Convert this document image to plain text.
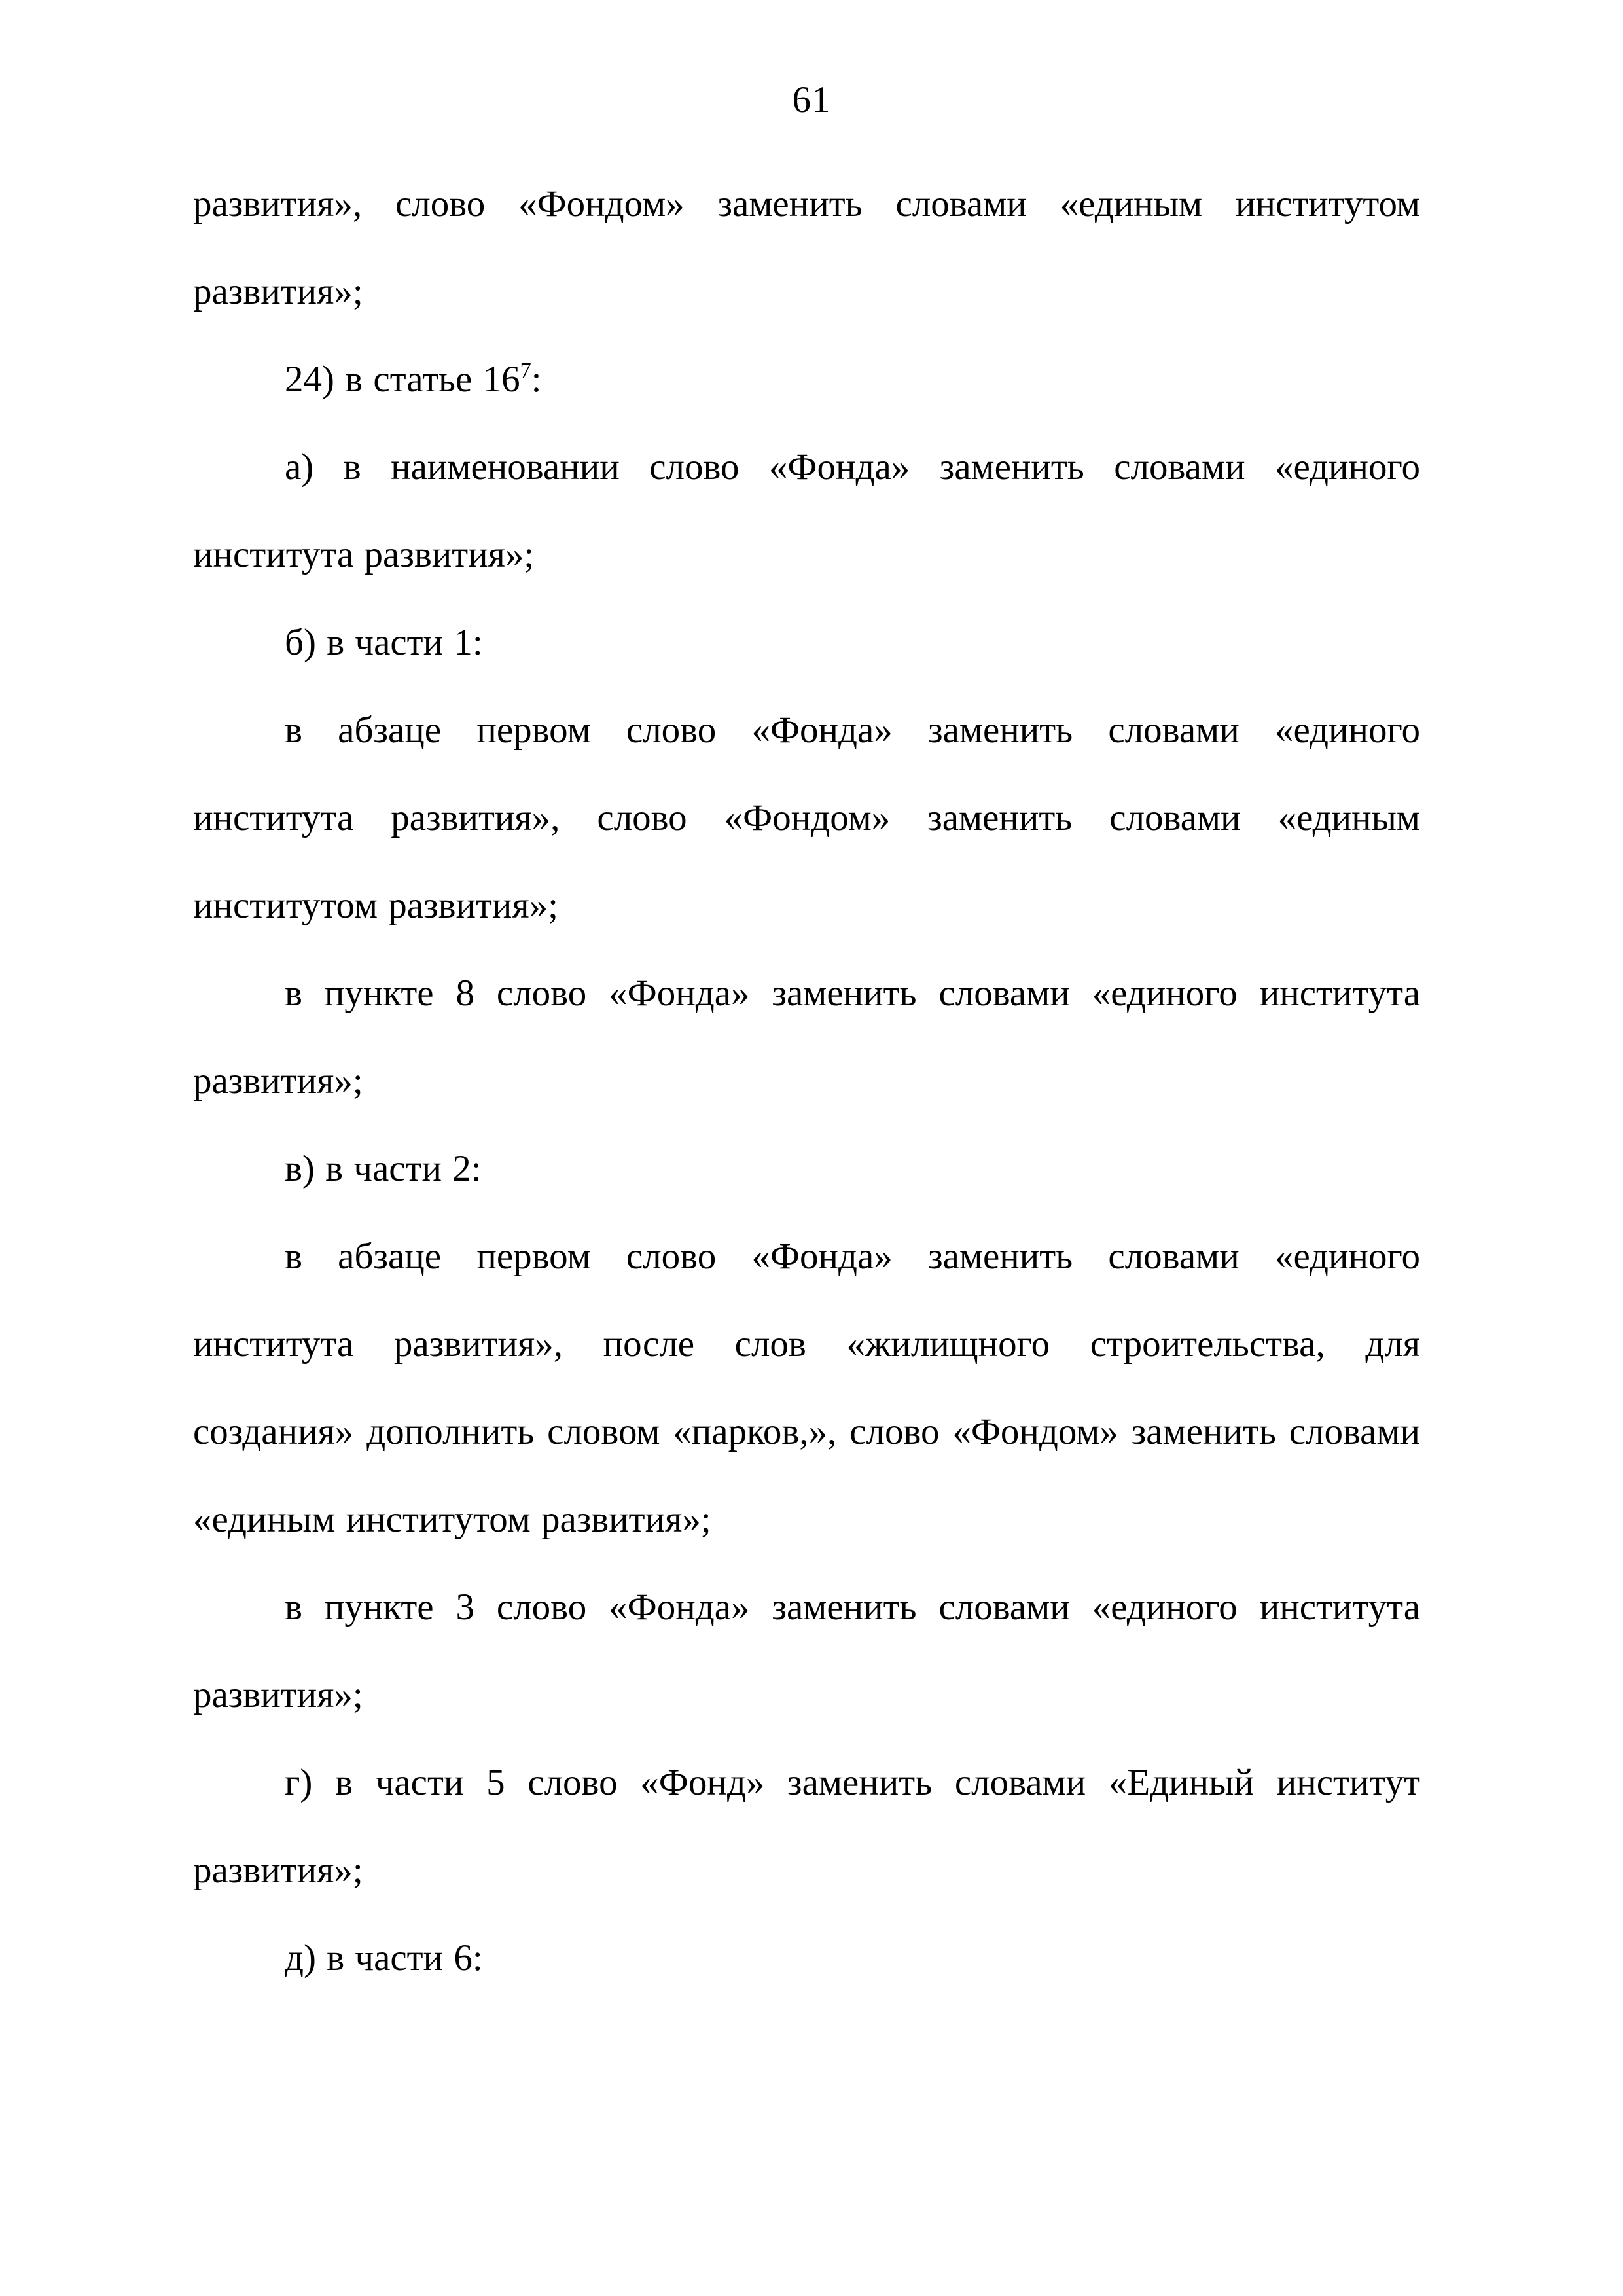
61
развития», слово «Фондом» заменить словами «единым институтом
развития»;
24) в статье $16^7$:
а) в наименовании слово «Фонда» заменить словами «единого
института развития»;
б) в части 1:
в абзаце первом слово «Фонда» заменить словами «единого
института развития», слово «Фондом» заменить словами «единым
институтом развития»;
в пункте 8 слово «Фонда» заменить словами «единого института
развития»;
в) в части 2:
в абзаце первом слово «Фонда» заменить словами «единого
института развития», после слов «жилищного строительства, для
создания» дополнить словом «парков,», слово «Фондом» заменить словами
«единым институтом развития»;
в пункте 3 слово «Фонда» заменить словами «единого института
развития»;
г) в части 5 слово «Фонд» заменить словами «Единый институт
развития»;
д) в части 6:
